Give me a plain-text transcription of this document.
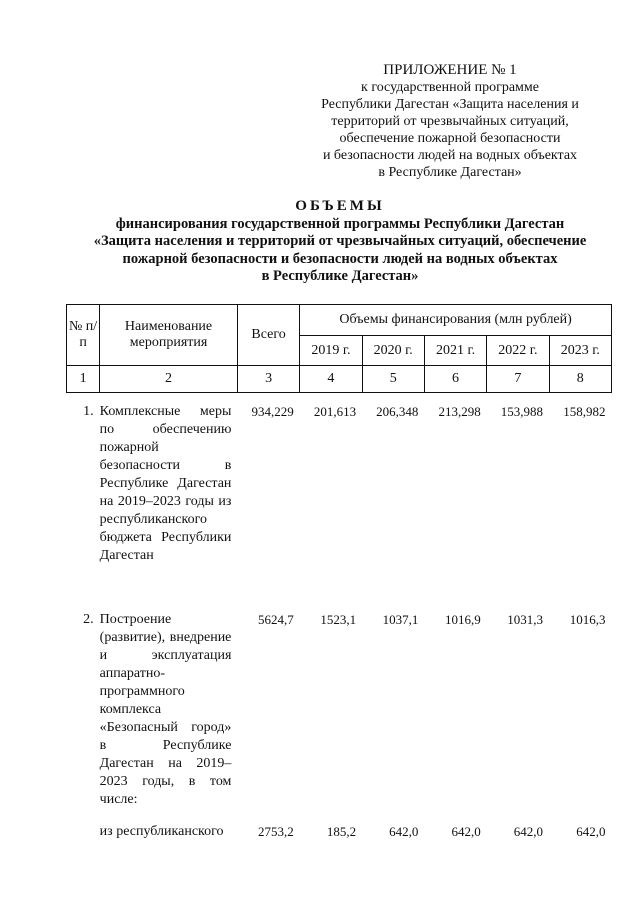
ПРИЛОЖЕНИЕ № 1
к государственной программе
Республики Дагестан «Защита населения и
территорий от чрезвычайных ситуаций,
обеспечение пожарной безопасности
и безопасности людей на водных объектах
в Республике Дагестан»
ОБЪЕМЫ
финансирования государственной программы Республики Дагестан
«Защита населения и территорий от чрезвычайных ситуаций, обеспечение
пожарной безопасности и безопасности людей на водных объектах
в Республике Дагестан»
№ п/п	Наименование мероприятия	Всего	Объемы финансирования (млн рублей)				
			2019 г.	2020 г.	2021 г.	2022 г.	2023 г.
1	2	3	4	5	6	7	8

1.	Комплексные меры по обеспечению пожарной безопасности в Республике Дагестан на 2019–2023 годы из республиканского бюджета Республики Дагестан	934,229	201,613	206,348	213,298	153,988	158,982
2.	Построение (развитие), внедрение и эксплуатация аппаратно-программного комплекса «Безопасный город» в Республике Дагестан на 2019–2023 годы, в том числе:	5624,7	1523,1	1037,1	1016,9	1031,3	1016,3
	из республиканского	2753,2	185,2	642,0	642,0	642,0	642,0
